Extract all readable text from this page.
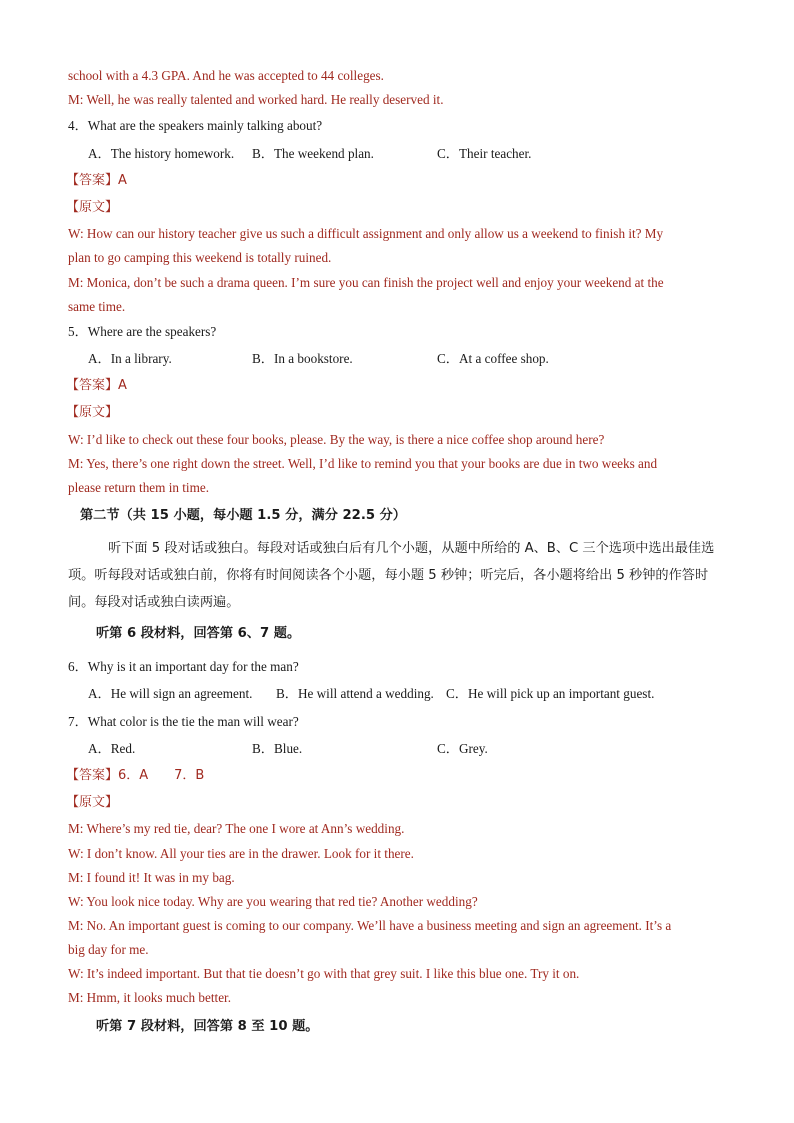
school with a 4.3 GPA. And he was accepted to 44 colleges.
M: Well, he was really talented and worked hard. He really deserved it.
4．What are the speakers mainly talking about?
A．The history homework. B．The weekend plan.	C．Their teacher.
【答案】A
【原文】
W: How can our history teacher give us such a difficult assignment and only allow us a weekend to finish it? My
plan to go camping this weekend is totally ruined.
M: Monica, don’t be such a drama queen. I’m sure you can finish the project well and enjoy your weekend at the
same time.
5．Where are the speakers?
A．In a library.	B．In a bookstore.	C．At a coffee shop.
【答案】A
【原文】
W: I’d like to check out these four books, please. By the way, is there a nice coffee shop around here?
M: Yes, there’s one right down the street. Well, I’d like to remind you that your books are due in two weeks and
please return them in time.
第二节（共 15 小题，每小题 1.5 分，满分 22.5 分）
听下面 5 段对话或独白。每段对话或独白后有几个小题，从题中所给的 A、B、C 三个选项中选出最佳选项。听每段对话或独白前，你将有时间阅读各个小题，每小题 5 秒钟；听完后，各小题将给出 5 秒钟的作答时间。每段对话或独白读两遍。
听第 6 段材料，回答第 6、7 题。
6．Why is it an important day for the man?
A．He will sign an agreement. B．He will attend a wedding. C．He will pick up an important guest.
7．What color is the tie the man will wear?
A．Red.	B．Blue.	C．Grey.
【答案】6．A　　7．B
【原文】
M: Where’s my red tie, dear? The one I wore at Ann’s wedding.
W: I don’t know. All your ties are in the drawer. Look for it there.
M: I found it! It was in my bag.
W: You look nice today. Why are you wearing that red tie? Another wedding?
M: No. An important guest is coming to our company. We’ll have a business meeting and sign an agreement. It’s a
big day for me.
W: It’s indeed important. But that tie doesn’t go with that grey suit. I like this blue one. Try it on.
M: Hmm, it looks much better.
听第 7 段材料，回答第 8 至 10 题。
